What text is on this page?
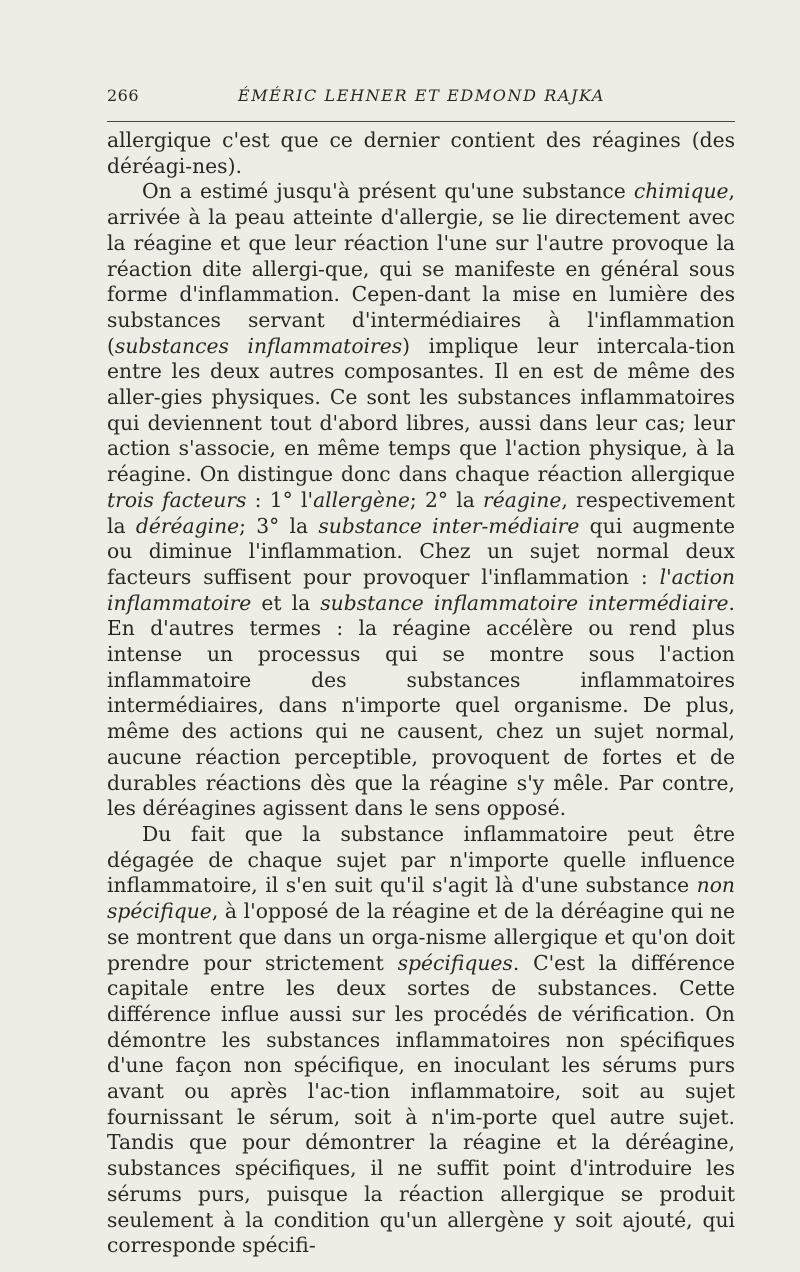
266	ÉMÉRIC LEHNER ET EDMOND RAJKA

allergique c'est que ce dernier contient des réagines (des déréagi-nes).

On a estimé jusqu'à présent qu'une substance chimique, arrivée à la peau atteinte d'allergie, se lie directement avec la réagine et que leur réaction l'une sur l'autre provoque la réaction dite allergi-que, qui se manifeste en général sous forme d'inflammation. Cepen-dant la mise en lumière des substances servant d'intermédiaires à l'inflammation (substances inflammatoires) implique leur intercala-tion entre les deux autres composantes. Il en est de même des aller-gies physiques. Ce sont les substances inflammatoires qui deviennent tout d'abord libres, aussi dans leur cas; leur action s'associe, en même temps que l'action physique, à la réagine. On distingue donc dans chaque réaction allergique trois facteurs : 1° l'allergène; 2° la réagine, respectivement la déréagine; 3° la substance inter-médiaire qui augmente ou diminue l'inflammation. Chez un sujet normal deux facteurs suffisent pour provoquer l'inflammation : l'action inflammatoire et la substance inflammatoire intermédiaire. En d'autres termes : la réagine accélère ou rend plus intense un processus qui se montre sous l'action inflammatoire des substances inflammatoires intermédiaires, dans n'importe quel organisme. De plus, même des actions qui ne causent, chez un sujet normal, aucune réaction perceptible, provoquent de fortes et de durables réactions dès que la réagine s'y mêle. Par contre, les déréagines agissent dans le sens opposé.

Du fait que la substance inflammatoire peut être dégagée de chaque sujet par n'importe quelle influence inflammatoire, il s'en suit qu'il s'agit là d'une substance non spécifique, à l'opposé de la réagine et de la déréagine qui ne se montrent que dans un orga-nisme allergique et qu'on doit prendre pour strictement spécifiques. C'est la différence capitale entre les deux sortes de substances. Cette différence influe aussi sur les procédés de vérification. On démontre les substances inflammatoires non spécifiques d'une façon non spécifique, en inoculant les sérums purs avant ou après l'ac-tion inflammatoire, soit au sujet fournissant le sérum, soit à n'im-porte quel autre sujet. Tandis que pour démontrer la réagine et la déréagine, substances spécifiques, il ne suffit point d'introduire les sérums purs, puisque la réaction allergique se produit seulement à la condition qu'un allergène y soit ajouté, qui corresponde spécifi-
